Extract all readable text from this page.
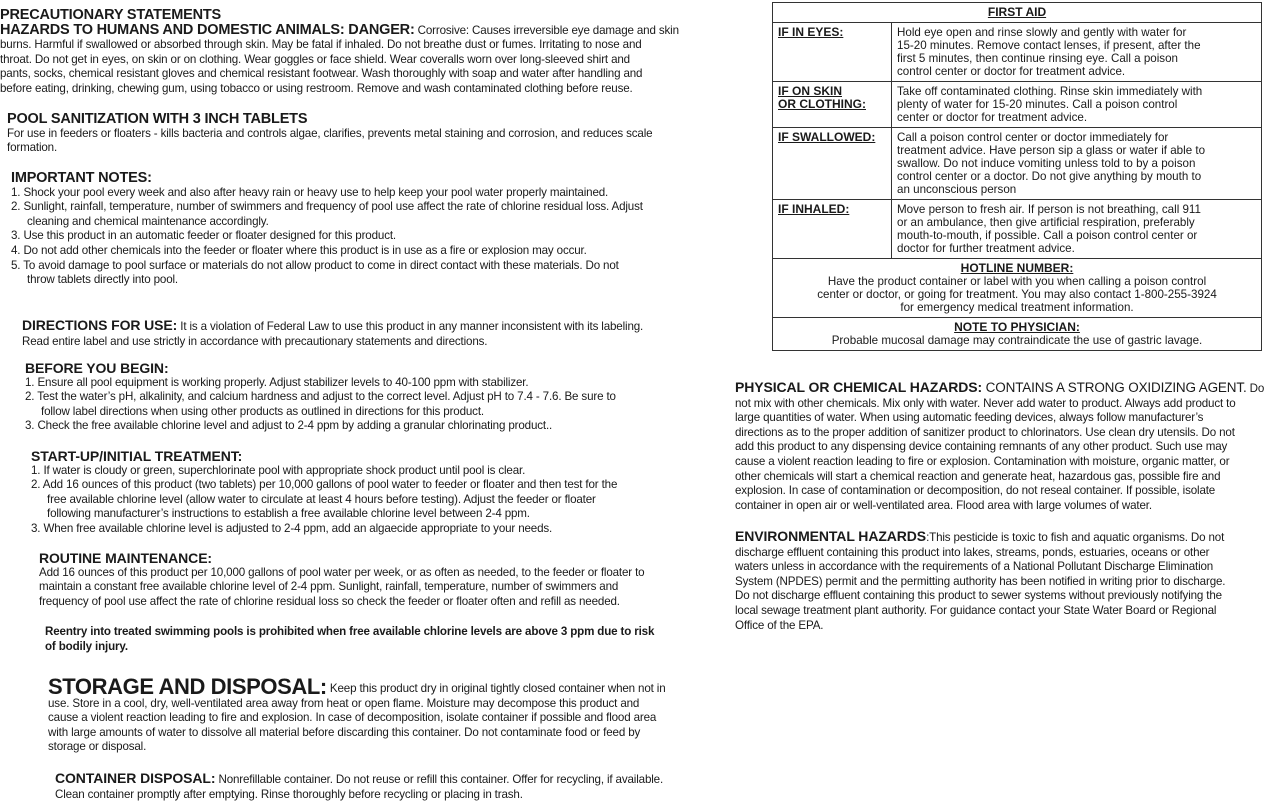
PRECAUTIONARY STATEMENTS
HAZARDS TO HUMANS AND DOMESTIC ANIMALS: DANGER: Corrosive: Causes irreversible eye damage and skin
burns. Harmful if swallowed or absorbed through skin. May be fatal if inhaled. Do not breathe dust or fumes. Irritating to nose and
throat. Do not get in eyes, on skin or on clothing. Wear goggles or face shield. Wear coveralls worn over long-sleeved shirt and
pants, socks, chemical resistant gloves and chemical resistant footwear. Wash thoroughly with soap and water after handling and
before eating, drinking, chewing gum, using tobacco or using restroom. Remove and wash contaminated clothing before reuse.
POOL SANITIZATION WITH 3 INCH TABLETS
For use in feeders or floaters - kills bacteria and controls algae, clarifies, prevents metal staining and corrosion, and reduces scale
formation.
IMPORTANT NOTES:
1. Shock your pool every week and also after heavy rain or heavy use to help keep your pool water properly maintained.
2. Sunlight, rainfall, temperature, number of swimmers and frequency of pool use affect the rate of chlorine residual loss. Adjust
cleaning and chemical maintenance accordingly.
3. Use this product in an automatic feeder or floater designed for this product.
4. Do not add other chemicals into the feeder or floater where this product is in use as a fire or explosion may occur.
5. To avoid damage to pool surface or materials do not allow product to come in direct contact with these materials. Do not
throw tablets directly into pool.
DIRECTIONS FOR USE: It is a violation of Federal Law to use this product in any manner inconsistent with its labeling.
Read entire label and use strictly in accordance with precautionary statements and directions.
BEFORE YOU BEGIN:
1. Ensure all pool equipment is working properly. Adjust stabilizer levels to 40-100 ppm with stabilizer.
2. Test the water’s pH, alkalinity, and calcium hardness and adjust to the correct level. Adjust pH to 7.4 - 7.6. Be sure to
follow label directions when using other products as outlined in directions for this product.
3. Check the free available chlorine level and adjust to 2-4 ppm by adding a granular chlorinating product..
START-UP/INITIAL TREATMENT:
1. If water is cloudy or green, superchlorinate pool with appropriate shock product until pool is clear.
2. Add 16 ounces of this product (two tablets) per 10,000 gallons of pool water to feeder or floater and then test for the
free available chlorine level (allow water to circulate at least 4 hours before testing). Adjust the feeder or floater
following manufacturer’s instructions to establish a free available chlorine level between 2-4 ppm.
3. When free available chlorine level is adjusted to 2-4 ppm, add an algaecide appropriate to your needs.
ROUTINE MAINTENANCE:
Add 16 ounces of this product per 10,000 gallons of pool water per week, or as often as needed, to the feeder or floater to
maintain a constant free available chlorine level of 2-4 ppm. Sunlight, rainfall, temperature, number of swimmers and
frequency of pool use affect the rate of chlorine residual loss so check the feeder or floater often and refill as needed.
Reentry into treated swimming pools is prohibited when free available chlorine levels are above 3 ppm due to risk
of bodily injury.
STORAGE AND DISPOSAL: Keep this product dry in original tightly closed container when not in
use. Store in a cool, dry, well-ventilated area away from heat or open flame. Moisture may decompose this product and
cause a violent reaction leading to fire and explosion. In case of decomposition, isolate container if possible and flood area
with large amounts of water to dissolve all material before discarding this container. Do not contaminate food or feed by
storage or disposal.
CONTAINER DISPOSAL: Nonrefillable container. Do not reuse or refill this container. Offer for recycling, if available.
Clean container promptly after emptying. Rinse thoroughly before recycling or placing in trash.
FIRST AID	

IF IN EYES:	Hold eye open and rinse slowly and gently with water for
15-20 minutes. Remove contact lenses, if present, after the
first 5 minutes, then continue rinsing eye. Call a poison
control center or doctor for treatment advice.

IF ON SKIN
OR CLOTHING:	Take off contaminated clothing. Rinse skin immediately with
plenty of water for 15-20 minutes. Call a poison control
center or doctor for treatment advice.

IF SWALLOWED:	Call a poison control center or doctor immediately for
treatment advice. Have person sip a glass or water if able to
swallow. Do not induce vomiting unless told to by a poison
control center or a doctor. Do not give anything by mouth to
an unconscious person

IF INHALED:	Move person to fresh air. If person is not breathing, call 911
or an ambulance, then give artificial respiration, preferably
mouth-to-mouth, if possible. Call a poison control center or
doctor for further treatment advice.

HOTLINE NUMBER:
Have the product container or label with you when calling a poison control
center or doctor, or going for treatment. You may also contact 1-800-255-3924
for emergency medical treatment information.	

NOTE TO PHYSICIAN:
Probable mucosal damage may contraindicate the use of gastric lavage.	
PHYSICAL OR CHEMICAL HAZARDS: CONTAINS A STRONG OXIDIZING AGENT. Do
not mix with other chemicals. Mix only with water. Never add water to product. Always add product to
large quantities of water. When using automatic feeding devices, always follow manufacturer’s
directions as to the proper addition of sanitizer product to chlorinators. Use clean dry utensils. Do not
add this product to any dispensing device containing remnants of any other product. Such use may
cause a violent reaction leading to fire or explosion. Contamination with moisture, organic matter, or
other chemicals will start a chemical reaction and generate heat, hazardous gas, possible fire and
explosion. In case of contamination or decomposition, do not reseal container. If possible, isolate
container in open air or well-ventilated area. Flood area with large volumes of water.
ENVIRONMENTAL HAZARDS:This pesticide is toxic to fish and aquatic organisms. Do not
discharge effluent containing this product into lakes, streams, ponds, estuaries, oceans or other
waters unless in accordance with the requirements of a National Pollutant Discharge Elimination
System (NPDES) permit and the permitting authority has been notified in writing prior to discharge.
Do not discharge effluent containing this product to sewer systems without previously notifying the
local sewage treatment plant authority. For guidance contact your State Water Board or Regional
Office of the EPA.
